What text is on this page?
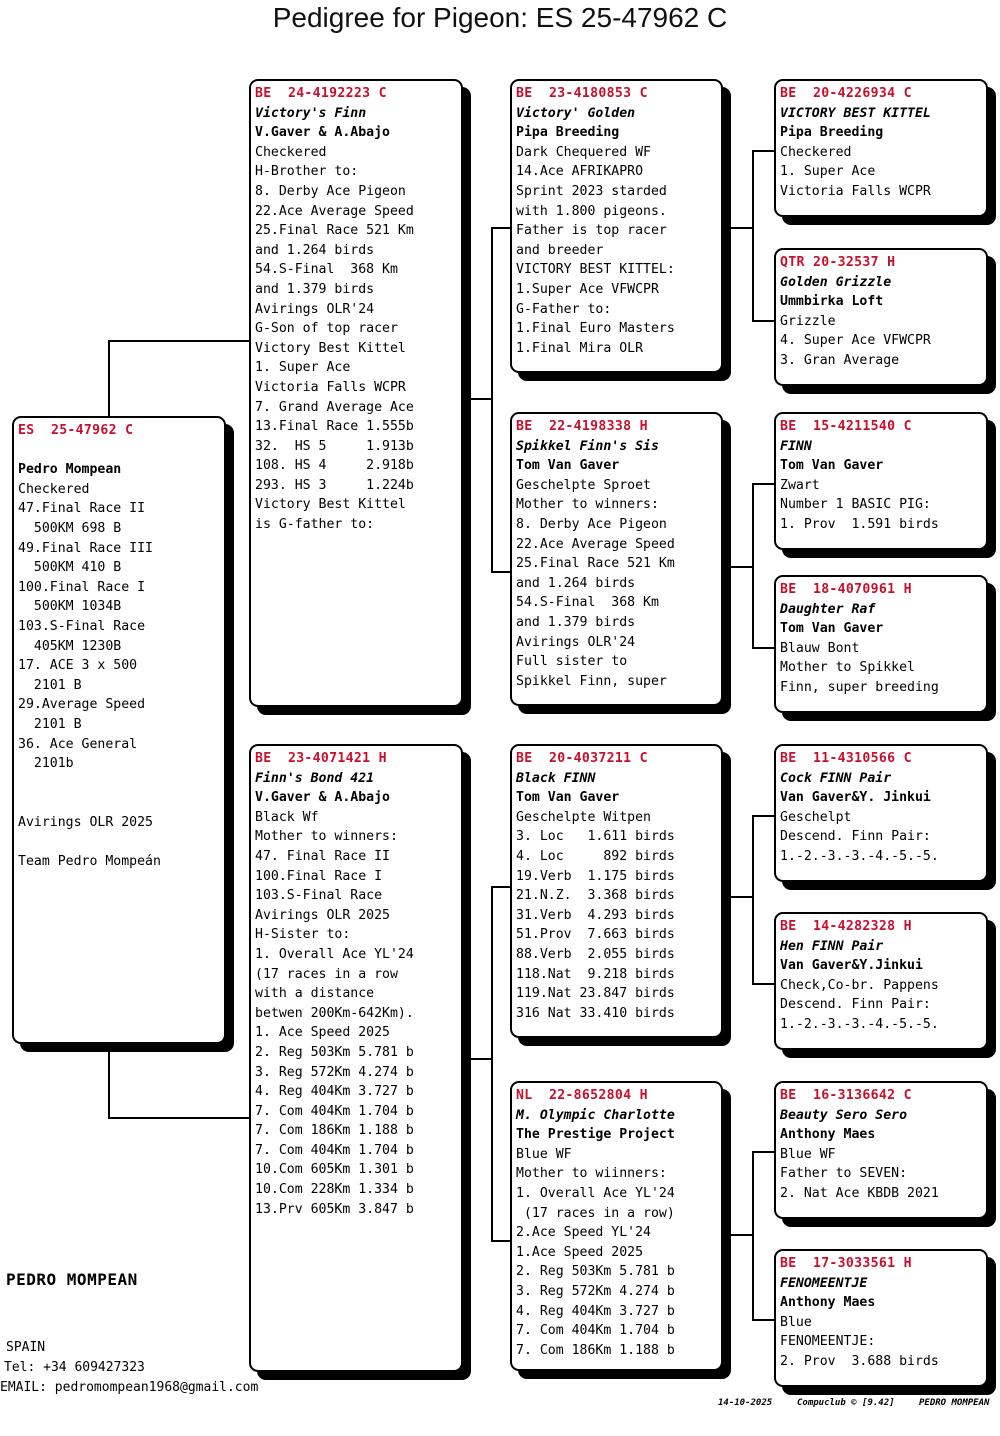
Pedigree for Pigeon: ES 25-47962 C
ES  25-47962 C
Pedro Mompean
Checkered
47.Final Race II
500KM 698 B
49.Final Race III
500KM 410 B
100.Final Race I
500KM 1034B
103.S-Final Race
405KM 1230B
17. ACE 3 x 500
2101 B
29.Average Speed
2101 B
36. Ace General
2101b
Avirings OLR 2025
Team Pedro Mompeán
BE  24-4192223 C
Victory's Finn
V.Gaver & A.Abajo
Checkered
H-Brother to:
8. Derby Ace Pigeon
22.Ace Average Speed
25.Final Race 521 Km
and 1.264 birds
54.S-Final  368 Km
and 1.379 birds
Avirings OLR'24
G-Son of top racer
Victory Best Kittel
1. Super Ace
Victoria Falls WCPR
7. Grand Average Ace
13.Final Race 1.555b
32.  HS 5     1.913b
108. HS 4     2.918b
293. HS 3     1.224b
Victory Best Kittel
is G-father to:
BE  23-4071421 H
Finn's Bond 421
V.Gaver & A.Abajo
Black Wf
Mother to winners:
47. Final Race II
100.Final Race I
103.S-Final Race
Avirings OLR 2025
H-Sister to:
1. Overall Ace YL'24
(17 races in a row
with a distance
betwen 200Km-642Km).
1. Ace Speed 2025
2. Reg 503Km 5.781 b
3. Reg 572Km 4.274 b
4. Reg 404Km 3.727 b
7. Com 404Km 1.704 b
7. Com 186Km 1.188 b
7. Com 404Km 1.704 b
10.Com 605Km 1.301 b
10.Com 228Km 1.334 b
13.Prv 605Km 3.847 b
BE  23-4180853 C
Victory' Golden
Pipa Breeding
Dark Chequered WF
14.Ace AFRIKAPRO
Sprint 2023 starded
with 1.800 pigeons.
Father is top racer
and breeder
VICTORY BEST KITTEL:
1.Super Ace VFWCPR
G-Father to:
1.Final Euro Masters
1.Final Mira OLR
BE  22-4198338 H
Spikkel Finn's Sis
Tom Van Gaver
Geschelpte Sproet
Mother to winners:
8. Derby Ace Pigeon
22.Ace Average Speed
25.Final Race 521 Km
and 1.264 birds
54.S-Final  368 Km
and 1.379 birds
Avirings OLR'24
Full sister to
Spikkel Finn, super
BE  20-4037211 C
Black FINN
Tom Van Gaver
Geschelpte Witpen
3. Loc   1.611 birds
4. Loc     892 birds
19.Verb  1.175 birds
21.N.Z.  3.368 birds
31.Verb  4.293 birds
51.Prov  7.663 birds
88.Verb  2.055 birds
118.Nat  9.218 birds
119.Nat 23.847 birds
316 Nat 33.410 birds
NL  22-8652804 H
M. Olympic Charlotte
The Prestige Project
Blue WF
Mother to wiinners:
1. Overall Ace YL'24
(17 races in a row)
2.Ace Speed YL'24
1.Ace Speed 2025
2. Reg 503Km 5.781 b
3. Reg 572Km 4.274 b
4. Reg 404Km 3.727 b
7. Com 404Km 1.704 b
7. Com 186Km 1.188 b
BE  20-4226934 C
VICTORY BEST KITTEL
Pipa Breeding
Checkered
1. Super Ace
Victoria Falls WCPR
QTR 20-32537 H
Golden Grizzle
Ummbirka Loft
Grizzle
4. Super Ace VFWCPR
3. Gran Average
BE  15-4211540 C
FINN
Tom Van Gaver
Zwart
Number 1 BASIC PIG:
1. Prov  1.591 birds
BE  18-4070961 H
Daughter Raf
Tom Van Gaver
Blauw Bont
Mother to Spikkel
Finn, super breeding
BE  11-4310566 C
Cock FINN Pair
Van Gaver&Y. Jinkui
Geschelpt
Descend. Finn Pair:
1.-2.-3.-3.-4.-5.-5.
BE  14-4282328 H
Hen FINN Pair
Van Gaver&Y.Jinkui
Check,Co-br. Pappens
Descend. Finn Pair:
1.-2.-3.-3.-4.-5.-5.
BE  16-3136642 C
Beauty Sero Sero
Anthony Maes
Blue WF
Father to SEVEN:
2. Nat Ace KBDB 2021
BE  17-3033561 H
FENOMEENTJE
Anthony Maes
Blue
FENOMEENTJE:
2. Prov  3.688 birds
PEDRO MOMPEAN
SPAIN
Tel: +34 609427323
EMAIL: pedromompean1968@gmail.com
14-10-2025	Compuclub © [9.42]	PEDRO MOMPEAN
